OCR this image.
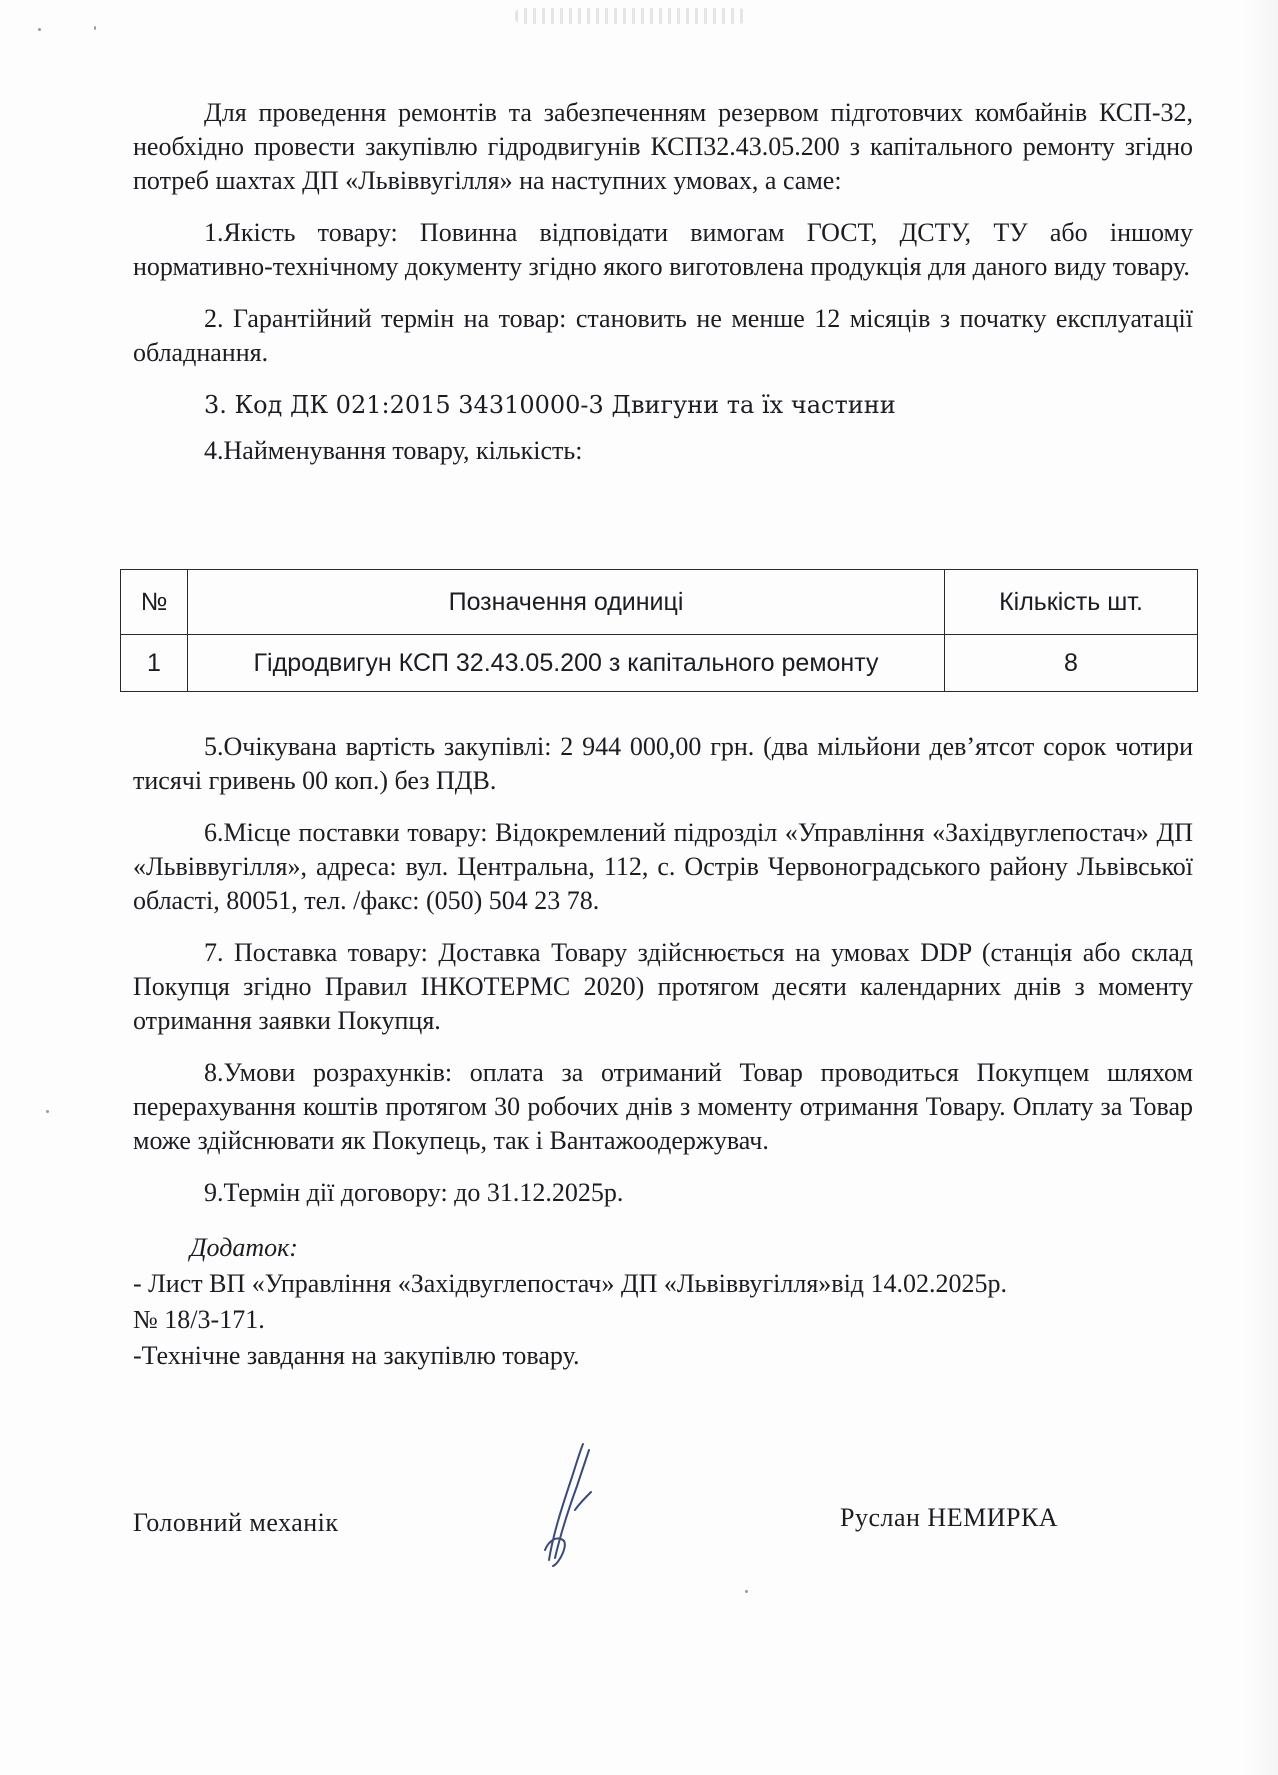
Для проведення ремонтів та забезпеченням резервом підготовчих комбайнів КСП-32, необхідно провести закупівлю гідродвигунів КСП32.43.05.200 з капітального ремонту згідно потреб шахтах ДП «Львіввугілля» на наступних умовах, а саме:

1.Якість товару: Повинна відповідати вимогам ГОСТ, ДСТУ, ТУ або іншому нормативно-технічному документу згідно якого виготовлена продукція для даного виду товару.

2. Гарантійний термін на товар: становить не менше 12 місяців з початку експлуатації обладнання.

3. Код ДК 021:2015 34310000-3 Двигуни та їх частини

4.Найменування товару, кількість:

№	Позначення одиниці	Кількість шт.
1	Гідродвигун КСП 32.43.05.200 з капітального ремонту	8

5.Очікувана вартість закупівлі: 2 944 000,00 грн. (два мільйони дев’ятсот сорок чотири тисячі гривень 00 коп.) без ПДВ.

6.Місце поставки товару: Відокремлений підрозділ «Управління «Західвуглепостач» ДП «Львіввугілля», адреса: вул. Центральна, 112, с. Острів Червоноградського району Львівської області, 80051, тел. /факс: (050) 504 23 78.

7. Поставка товару: Доставка Товару здійснюється на умовах DDP (станція або склад Покупця згідно Правил ІНКОТЕРМС 2020) протягом десяти календарних днів з моменту отримання заявки Покупця.

8.Умови розрахунків: оплата за отриманий Товар проводиться Покупцем шляхом перерахування коштів протягом 30 робочих днів з моменту отримання Товару. Оплату за Товар може здійснювати як Покупець, так і Вантажоодержувач.

9.Термін дії договору: до 31.12.2025р.

Додаток:
- Лист ВП «Управління «Західвуглепостач» ДП «Львіввугілля»від 14.02.2025р.
№ 18/3-171.
-Технічне завдання на закупівлю товару.
Головний механік	Руслан НЕМИРКА
